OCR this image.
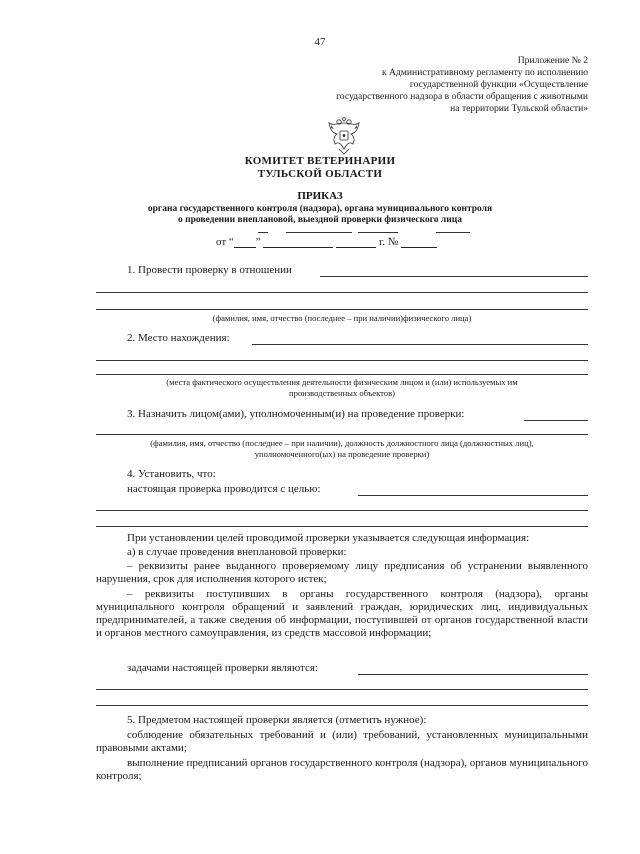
47
Приложение № 2
к Административному регламенту по исполнению
государственной функции «Осуществление
государственного надзора в области обращения с животными
на территории Тульской области»
КОМИТЕТ ВЕТЕРИНАРИИ
ТУЛЬСКОЙ ОБЛАСТИ
ПРИКАЗ
органа государственного контроля (надзора), органа муниципального контроля
о проведении внеплановой, выездной проверки физического лица
от “ ”	г. №
1. Провести проверку в отношении
(фамилия, имя, отчество (последнее – при наличии)физического лица)
2. Место нахождения:
(места фактического осуществления деятельности физическим лицом и (или) используемых им
производственных объектов)
3. Назначить лицом(ами), уполномоченным(и) на проведение проверки:
(фамилия, имя, отчество (последнее – при наличии), должность должностного лица (должностных лиц),
уполномоченного(ых) на проведение проверки)
4. Установить, что:
настоящая проверка проводится с целью:
При установлении целей проводимой проверки указывается следующая информация:
а) в случае проведения внеплановой проверки:
– реквизиты ранее выданного проверяемому лицу предписания об устранении выявленного нарушения, срок для исполнения которого истек;
– реквизиты поступивших в органы государственного контроля (надзора), органы муниципального контроля обращений и заявлений граждан, юридических лиц, индивидуальных предпринимателей, а также сведения об информации, поступившей от органов государственной власти и органов местного самоуправления, из средств массовой информации;
задачами настоящей проверки являются:
5. Предметом настоящей проверки является (отметить нужное):
соблюдение обязательных требований и (или) требований, установленных муниципальными правовыми актами;
выполнение предписаний органов государственного контроля (надзора), органов муниципального контроля;
